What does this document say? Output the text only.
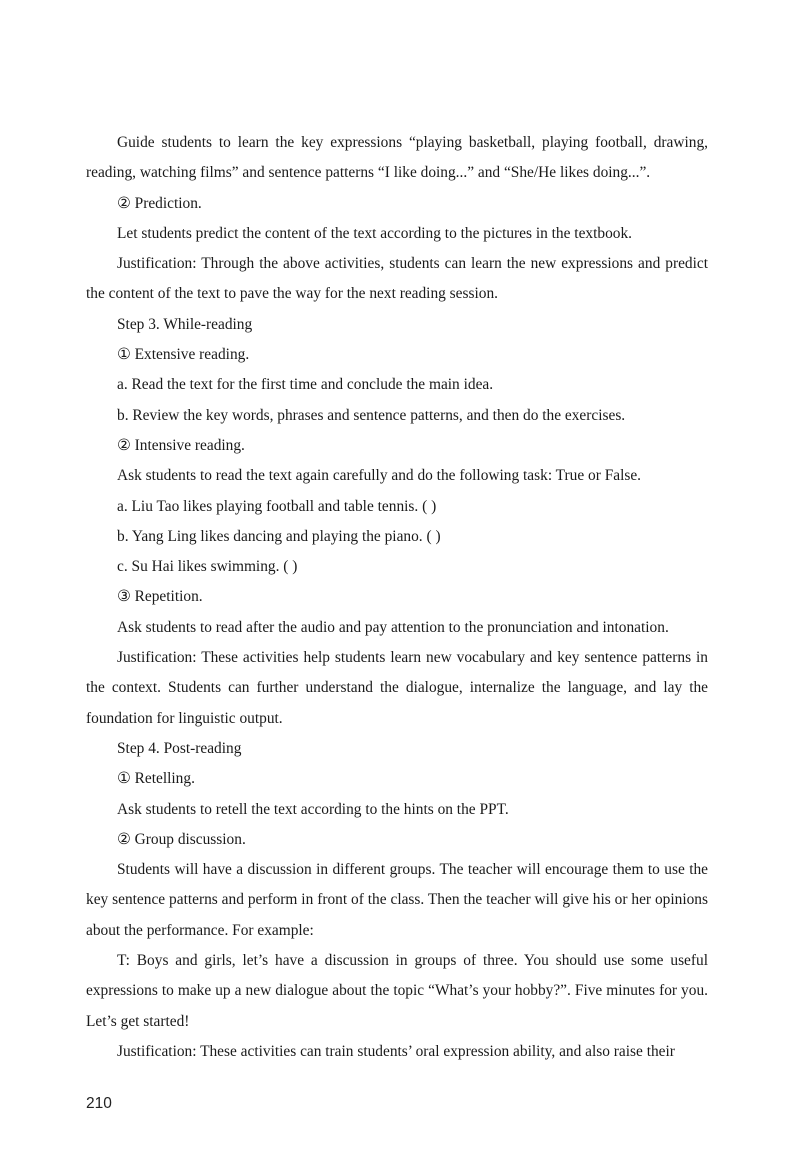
Guide students to learn the key expressions “playing basketball, playing football, drawing, reading, watching films” and sentence patterns “I like doing...” and “She/He likes doing...”.

② Prediction.

Let students predict the content of the text according to the pictures in the textbook.

Justification: Through the above activities, students can learn the new expressions and predict the content of the text to pave the way for the next reading session.

Step 3. While-reading

① Extensive reading.

a. Read the text for the first time and conclude the main idea.

b. Review the key words, phrases and sentence patterns, and then do the exercises.

② Intensive reading.

Ask students to read the text again carefully and do the following task: True or False.

a. Liu Tao likes playing football and table tennis. ( )

b. Yang Ling likes dancing and playing the piano. ( )

c. Su Hai likes swimming. ( )

③ Repetition.

Ask students to read after the audio and pay attention to the pronunciation and intonation.

Justification: These activities help students learn new vocabulary and key sentence patterns in the context. Students can further understand the dialogue, internalize the language, and lay the foundation for linguistic output.

Step 4. Post-reading

① Retelling.

Ask students to retell the text according to the hints on the PPT.

② Group discussion.

Students will have a discussion in different groups. The teacher will encourage them to use the key sentence patterns and perform in front of the class. Then the teacher will give his or her opinions about the performance. For example:

T: Boys and girls, let’s have a discussion in groups of three. You should use some useful expressions to make up a new dialogue about the topic “What’s your hobby?”. Five minutes for you. Let’s get started!

Justification: These activities can train students’ oral expression ability, and also raise their

210
